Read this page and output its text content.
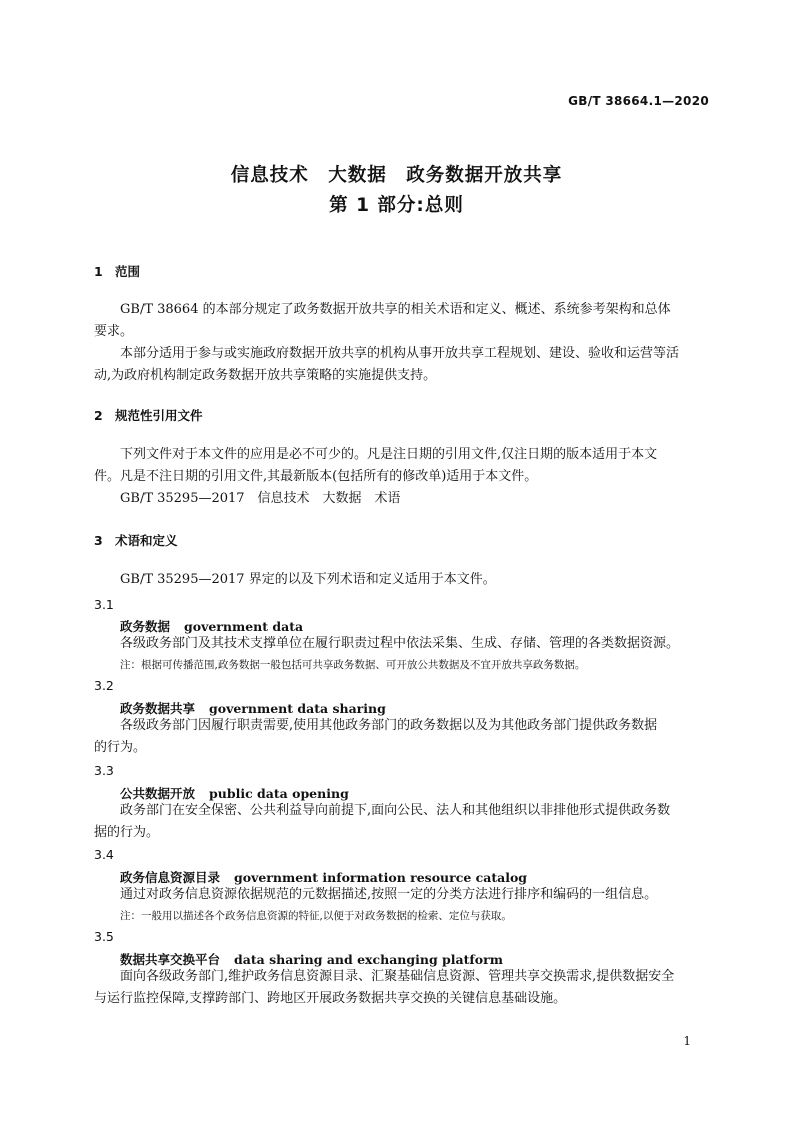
GB/T 38664.1—2020
信息技术　大数据　政务数据开放共享
第 1 部分:总则
1 范围
GB/T 38664 的本部分规定了政务数据开放共享的相关术语和定义、概述、系统参考架构和总体
要求。
本部分适用于参与或实施政府数据开放共享的机构从事开放共享工程规划、建设、验收和运营等活
动,为政府机构制定政务数据开放共享策略的实施提供支持。
2 规范性引用文件
下列文件对于本文件的应用是必不可少的。凡是注日期的引用文件,仅注日期的版本适用于本文
件。凡是不注日期的引用文件,其最新版本(包括所有的修改单)适用于本文件。
GB/T 35295—2017　信息技术　大数据　术语
3 术语和定义
GB/T 35295—2017 界定的以及下列术语和定义适用于本文件。
3.1
政务数据 government data
各级政务部门及其技术支撑单位在履行职责过程中依法采集、生成、存储、管理的各类数据资源。
注：根据可传播范围,政务数据一般包括可共享政务数据、可开放公共数据及不宜开放共享政务数据。
3.2
政务数据共享 government data sharing
各级政务部门因履行职责需要,使用其他政务部门的政务数据以及为其他政务部门提供政务数据
的行为。
3.3
公共数据开放 public data opening
政务部门在安全保密、公共利益导向前提下,面向公民、法人和其他组织以非排他形式提供政务数
据的行为。
3.4
政务信息资源目录 government information resource catalog
通过对政务信息资源依据规范的元数据描述,按照一定的分类方法进行排序和编码的一组信息。
注：一般用以描述各个政务信息资源的特征,以便于对政务数据的检索、定位与获取。
3.5
数据共享交换平台 data sharing and exchanging platform
面向各级政务部门,维护政务信息资源目录、汇聚基础信息资源、管理共享交换需求,提供数据安全
与运行监控保障,支撑跨部门、跨地区开展政务数据共享交换的关键信息基础设施。
1
